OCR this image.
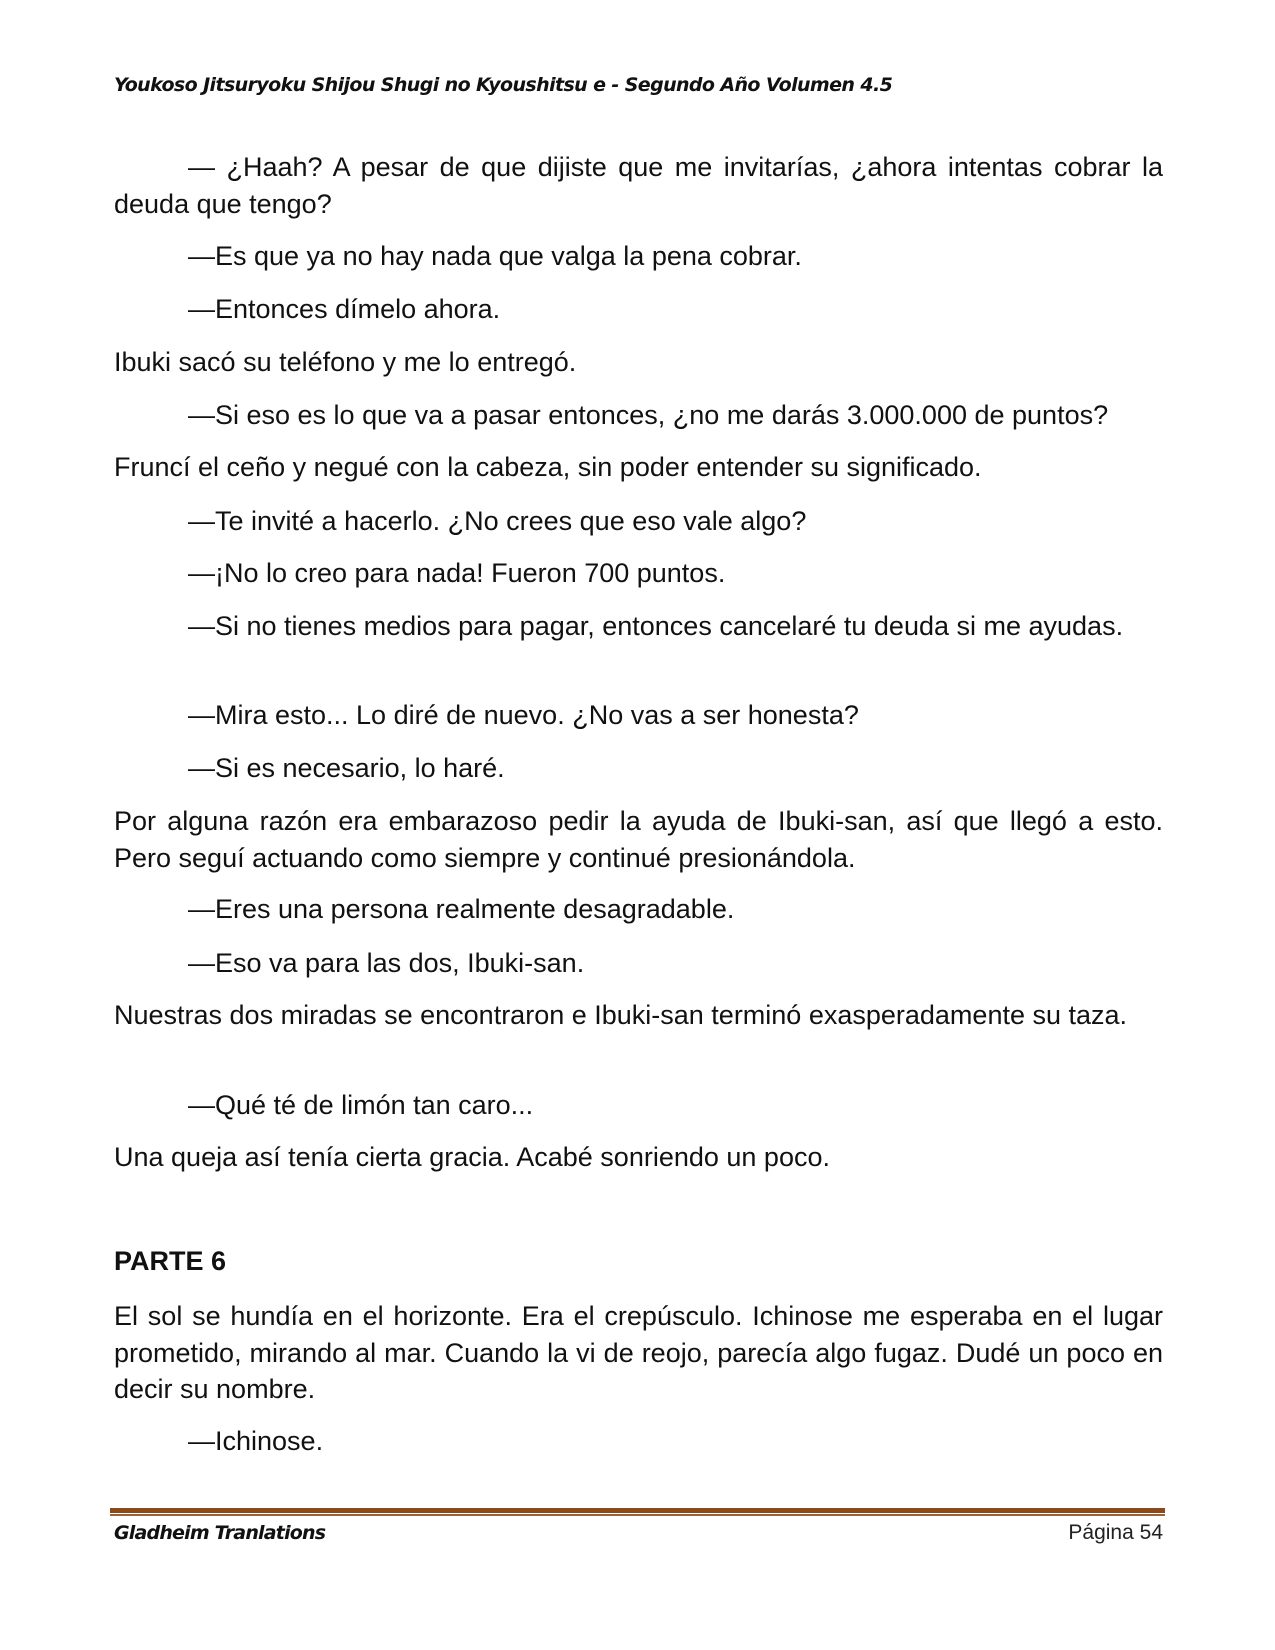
Youkoso Jitsuryoku Shijou Shugi no Kyoushitsu e - Segundo Año Volumen 4.5
— ¿Haah? A pesar de que dijiste que me invitarías, ¿ahora intentas cobrar la deuda que tengo?
—Es que ya no hay nada que valga la pena cobrar.
—Entonces dímelo ahora.
Ibuki sacó su teléfono y me lo entregó.
—Si eso es lo que va a pasar entonces, ¿no me darás 3.000.000 de puntos?
Fruncí el ceño y negué con la cabeza, sin poder entender su significado.
—Te invité a hacerlo. ¿No crees que eso vale algo?
—¡No lo creo para nada! Fueron 700 puntos.
—Si no tienes medios para pagar, entonces cancelaré tu deuda si me ayudas.
—Mira esto... Lo diré de nuevo. ¿No vas a ser honesta?
—Si es necesario, lo haré.
Por alguna razón era embarazoso pedir la ayuda de Ibuki-san, así que llegó a esto. Pero seguí actuando como siempre y continué presionándola.
—Eres una persona realmente desagradable.
—Eso va para las dos, Ibuki-san.
Nuestras dos miradas se encontraron e Ibuki-san terminó exasperadamente su taza.
—Qué té de limón tan caro...
Una queja así tenía cierta gracia. Acabé sonriendo un poco.
PARTE 6
El sol se hundía en el horizonte. Era el crepúsculo. Ichinose me esperaba en el lugar prometido, mirando al mar. Cuando la vi de reojo, parecía algo fugaz. Dudé un poco en decir su nombre.
—Ichinose.
Gladheim Tranlations	Página 54
